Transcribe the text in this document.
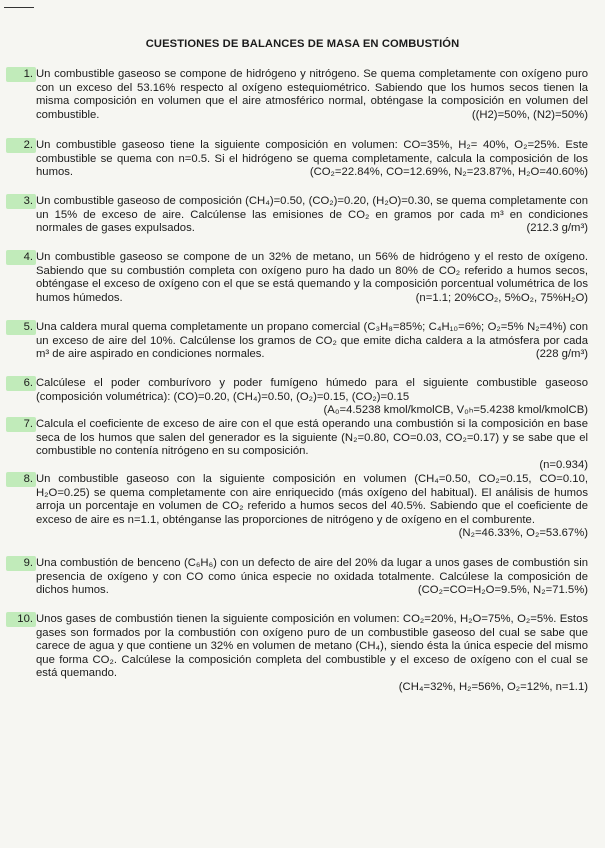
CUESTIONES DE BALANCES DE MASA EN COMBUSTIÓN
1. Un combustible gaseoso se compone de hidrógeno y nitrógeno. Se quema completamente con oxígeno puro con un exceso del 53.16% respecto al oxígeno estequiométrico. Sabiendo que los humos secos tienen la misma composición en volumen que el aire atmosférico normal, obténgase la composición en volumen del combustible.	((H2)=50%, (N2)=50%)

2. Un combustible gaseoso tiene la siguiente composición en volumen: CO=35%, H₂= 40%, O₂=25%. Este combustible se quema con n=0.5. Si el hidrógeno se quema completamente, calcula la composición de los humos.	(CO₂=22.84%, CO=12.69%, N₂=23.87%, H₂O=40.60%)

3. Un combustible gaseoso de composición (CH₄)=0.50, (CO₂)=0.20, (H₂O)=0.30, se quema completamente con un 15% de exceso de aire. Calcúlense las emisiones de CO₂ en gramos por cada m³ en condiciones normales de gases expulsados.	(212.3 g/m³)

4. Un combustible gaseoso se compone de un 32% de metano, un 56% de hidrógeno y el resto de oxígeno. Sabiendo que su combustión completa con oxígeno puro ha dado un 80% de CO₂ referido a humos secos, obténgase el exceso de oxígeno con el que se está quemando y la composición porcentual volumétrica de los humos húmedos.	(n=1.1; 20%CO₂, 5%O₂, 75%H₂O)

5. Una caldera mural quema completamente un propano comercial (C₃H₈=85%; C₄H₁₀=6%; O₂=5% N₂=4%) con un exceso de aire del 10%. Calcúlense los gramos de CO₂ que emite dicha caldera a la atmósfera por cada m³ de aire aspirado en condiciones normales.	(228 g/m³)

6. Calcúlese el poder comburívoro y poder fumígeno húmedo para el siguiente combustible gaseoso (composición volumétrica): (CO)=0.20, (CH₄)=0.50, (O₂)=0.15, (CO₂)=0.15

(A₀=4.5238 kmol/kmolCB, V₀ₕ=5.4238 kmol/kmolCB)
7. Calcula el coeficiente de exceso de aire con el que está operando una combustión si la composición en base seca de los humos que salen del generador es la siguiente (N₂=0.80, CO=0.03, CO₂=0.17) y se sabe que el combustible no contenía nitrógeno en su composición.

(n=0.934)
8. Un combustible gaseoso con la siguiente composición en volumen (CH₄=0.50, CO₂=0.15, CO=0.10, H₂O=0.25) se quema completamente con aire enriquecido (más oxígeno del habitual). El análisis de humos arroja un porcentaje en volumen de CO₂ referido a humos secos del 40.5%. Sabiendo que el coeficiente de exceso de aire es n=1.1, obténganse las proporciones de nitrógeno y de oxígeno en el comburente.
(N₂=46.33%, O₂=53.67%)

9. Una combustión de benceno (C₆H₆) con un defecto de aire del 20% da lugar a unos gases de combustión sin presencia de oxígeno y con CO como única especie no oxidada totalmente. Calcúlese la composición de dichos humos.	(CO₂=CO=H₂O=9.5%, N₂=71.5%)

10. Unos gases de combustión tienen la siguiente composición en volumen: CO₂=20%, H₂O=75%, O₂=5%. Estos gases son formados por la combustión con oxígeno puro de un combustible gaseoso del cual se sabe que carece de agua y que contiene un 32% en volumen de metano (CH₄), siendo ésta la única especie del mismo que forma CO₂. Calcúlese la composición completa del combustible y el exceso de oxígeno con el cual se está quemando.

(CH₄=32%, H₂=56%, O₂=12%, n=1.1)
